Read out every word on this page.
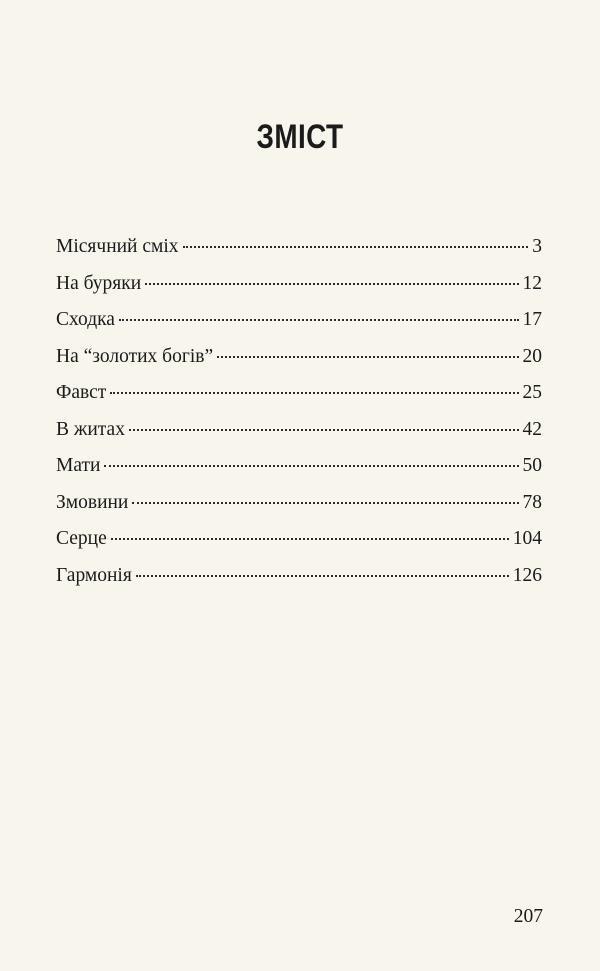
ЗМІСТ
Місячний сміх	3
На буряки	12
Сходка	17
На “золотих богів”	20
Фавст	25
В житах	42
Мати	50
Змовини	78
Серце	104
Гармонія	126
207
